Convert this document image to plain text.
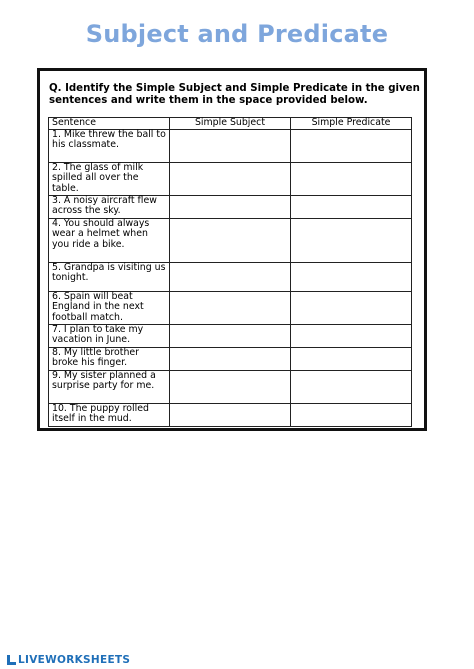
Subject and Predicate
Q. Identify the Simple Subject and Simple Predicate in the given sentences and write them in the space provided below.
Sentence	Simple Subject	Simple Predicate
1. Mike threw the ball to his classmate.		
2. The glass of milk spilled all over the table.		
3. A noisy aircraft flew across the sky.		
4. You should always wear a helmet when you ride a bike.		
5. Grandpa is visiting us tonight.		
6. Spain will beat England in the next football match.		
7. I plan to take my vacation in June.		
8. My little brother broke his finger.		
9. My sister planned a surprise party for me.		
10. The puppy rolled itself in the mud.		
LIVEWORKSHEETS
